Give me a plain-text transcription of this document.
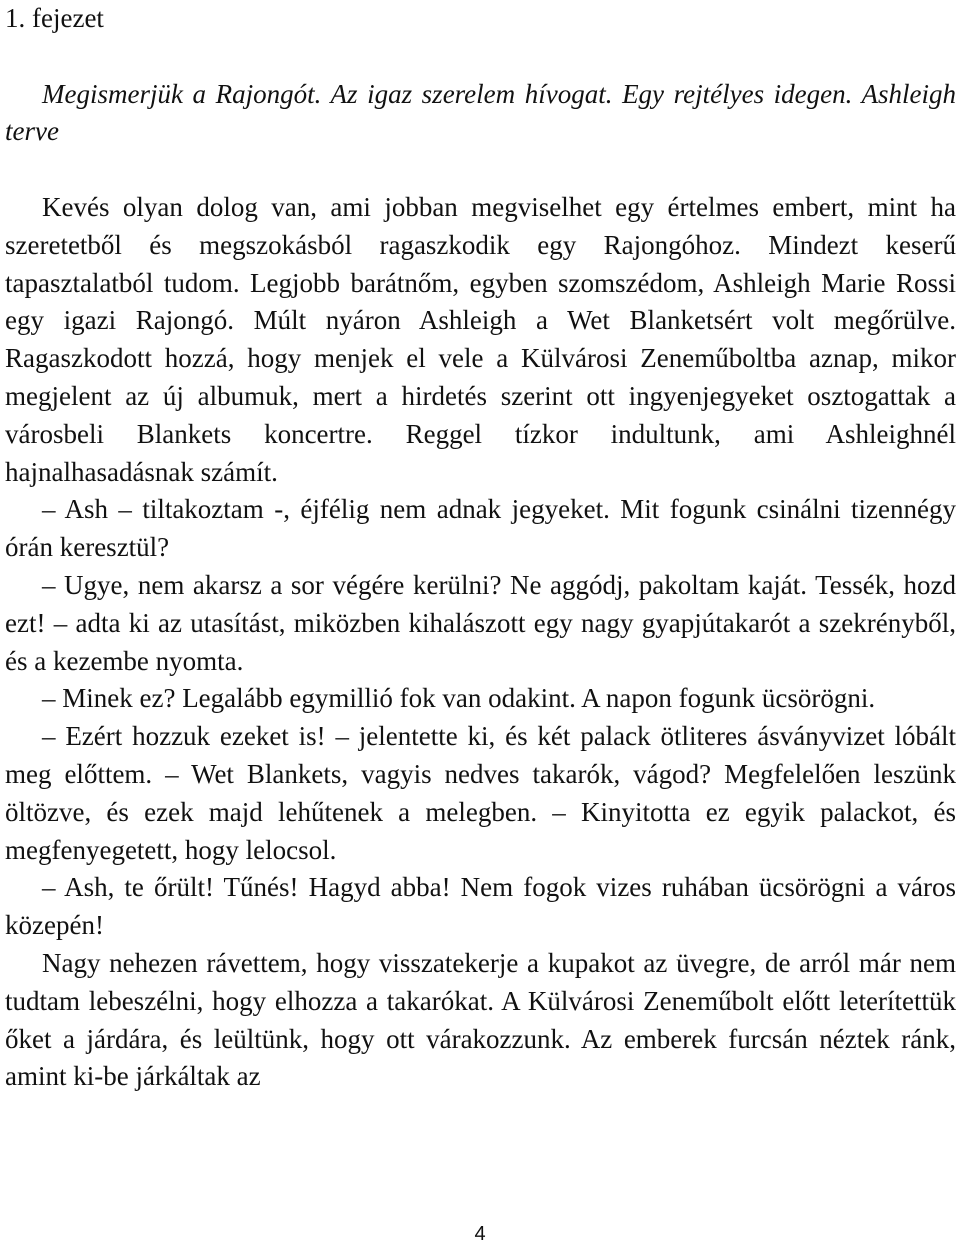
1. fejezet

Megismerjük a Rajongót. Az igaz szerelem hívogat. Egy rejtélyes idegen. Ashleigh terve

Kevés olyan dolog van, ami jobban megviselhet egy értelmes embert, mint ha szeretetből és megszokásból ragaszkodik egy Rajongóhoz. Mindezt keserű tapasztalatból tudom. Legjobb barátnőm, egyben szomszédom, Ashleigh Marie Rossi egy igazi Rajongó. Múlt nyáron Ashleigh a Wet Blanketsért volt megőrülve. Ragaszkodott hozzá, hogy menjek el vele a Külvárosi Zeneműboltba aznap, mikor megjelent az új albumuk, mert a hirdetés szerint ott ingyenjegyeket osztogattak a városbeli Blankets koncertre. Reggel tízkor indultunk, ami Ashleighnél hajnalhasadásnak számít.

– Ash – tiltakoztam -, éjfélig nem adnak jegyeket. Mit fogunk csinálni tizennégy órán keresztül?

– Ugye, nem akarsz a sor végére kerülni? Ne aggódj, pakoltam kaját. Tessék, hozd ezt! – adta ki az utasítást, miközben kihalászott egy nagy gyapjútakarót a szekrényből, és a kezembe nyomta.

– Minek ez? Legalább egymillió fok van odakint. A napon fogunk ücsörögni.

– Ezért hozzuk ezeket is! – jelentette ki, és két palack ötliteres ásványvizet lóbált meg előttem. – Wet Blankets, vagyis nedves takarók, vágod? Megfelelően leszünk öltözve, és ezek majd lehűtenek a melegben. – Kinyitotta ez egyik palackot, és megfenyegetett, hogy lelocsol.

– Ash, te őrült! Tűnés! Hagyd abba! Nem fogok vizes ruhában ücsörögni a város közepén!

Nagy nehezen rávettem, hogy visszatekerje a kupakot az üvegre, de arról már nem tudtam lebeszélni, hogy elhozza a takarókat. A Külvárosi Zeneműbolt előtt leterítettük őket a járdára, és leültünk, hogy ott várakozzunk. Az emberek furcsán néztek ránk, amint ki-be járkáltak az

4
